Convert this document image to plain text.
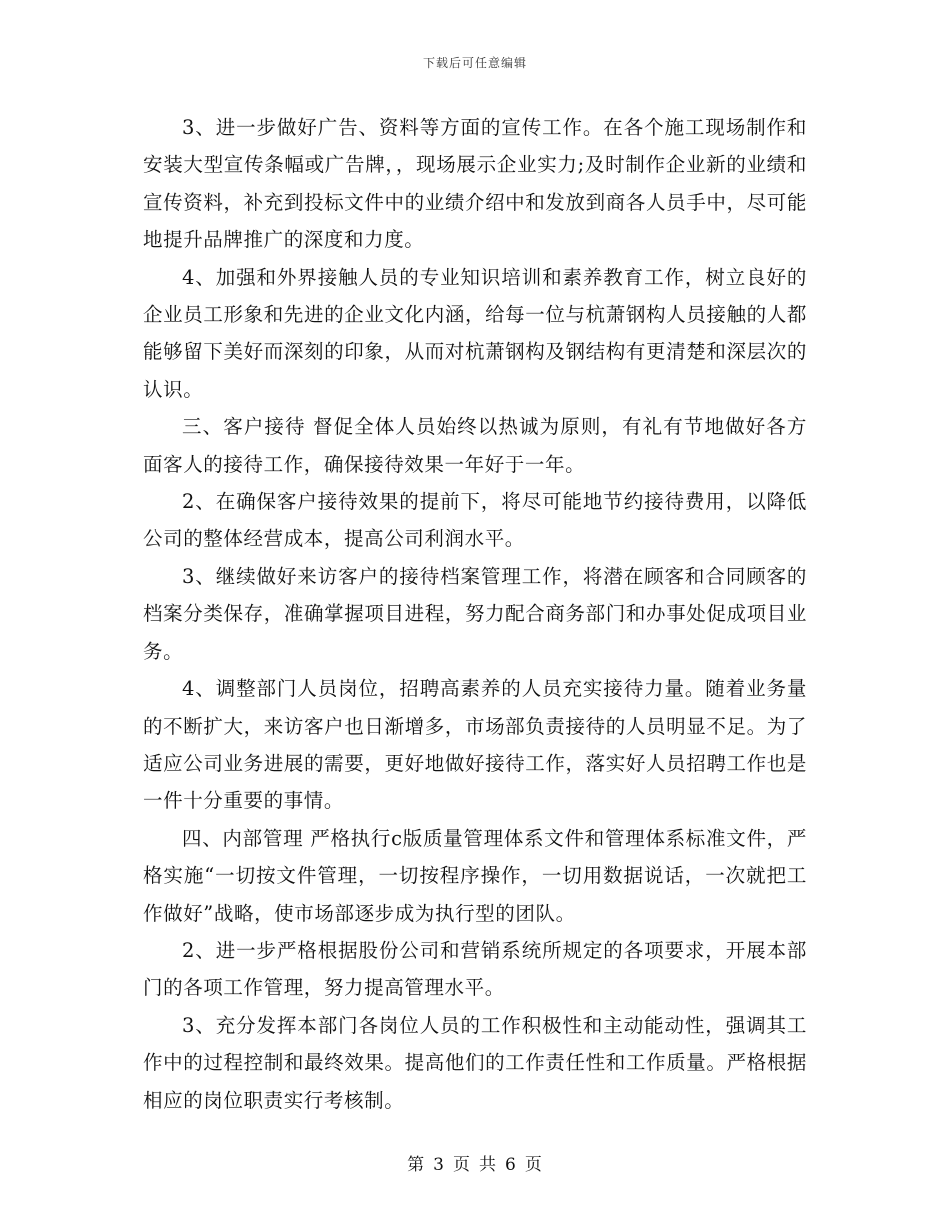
下载后可任意编辑

3、进一步做好广告、资料等方面的宣传工作。在各个施工现场制作和安装大型宣传条幅或广告牌，，现场展示企业实力;及时制作企业新的业绩和宣传资料，补充到投标文件中的业绩介绍中和发放到商各人员手中，尽可能地提升品牌推广的深度和力度。

4、加强和外界接触人员的专业知识培训和素养教育工作，树立良好的企业员工形象和先进的企业文化内涵，给每一位与杭萧钢构人员接触的人都能够留下美好而深刻的印象，从而对杭萧钢构及钢结构有更清楚和深层次的认识。

三、客户接待 督促全体人员始终以热诚为原则，有礼有节地做好各方面客人的接待工作，确保接待效果一年好于一年。

2、在确保客户接待效果的提前下，将尽可能地节约接待费用，以降低公司的整体经营成本，提高公司利润水平。

3、继续做好来访客户的接待档案管理工作，将潜在顾客和合同顾客的档案分类保存，准确掌握项目进程，努力配合商务部门和办事处促成项目业务。

4、调整部门人员岗位，招聘高素养的人员充实接待力量。随着业务量的不断扩大，来访客户也日渐增多，市场部负责接待的人员明显不足。为了适应公司业务进展的需要，更好地做好接待工作，落实好人员招聘工作也是一件十分重要的事情。

四、内部管理 严格执行c版质量管理体系文件和管理体系标准文件，严格实施“一切按文件管理，一切按程序操作，一切用数据说话，一次就把工作做好”战略，使市场部逐步成为执行型的团队。

2、进一步严格根据股份公司和营销系统所规定的各项要求，开展本部门的各项工作管理，努力提高管理水平。

3、充分发挥本部门各岗位人员的工作积极性和主动能动性，强调其工作中的过程控制和最终效果。提高他们的工作责任性和工作质量。严格根据相应的岗位职责实行考核制。

第 3 页 共 6 页
